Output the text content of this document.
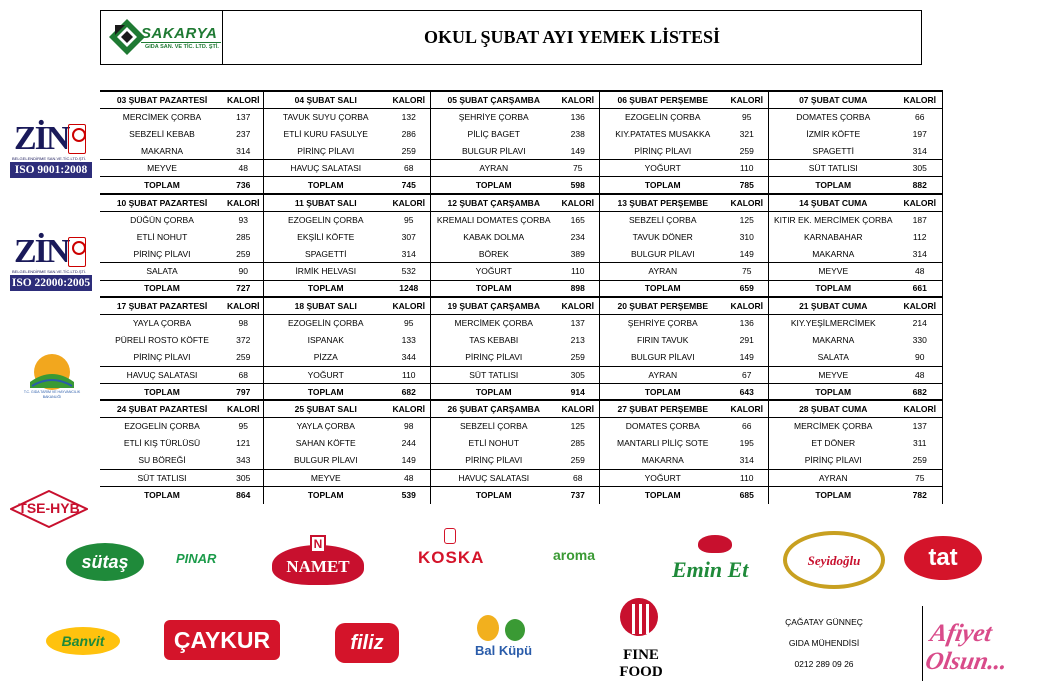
SAKARYA
GIDA SAN. VE TİC. LTD. ŞTİ.	OKUL ŞUBAT AYI YEMEK LİSTESİ
03 ŞUBAT PAZARTESİ	KALORİ	04 ŞUBAT SALI	KALORİ	05 ŞUBAT ÇARŞAMBA	KALORİ	06 ŞUBAT PERŞEMBE	KALORİ	07 ŞUBAT CUMA	KALORİ
MERCİMEK ÇORBA	137	TAVUK SUYU ÇORBA	132	ŞEHRİYE ÇORBA	136	EZOGELİN ÇORBA	95	DOMATES ÇORBA	66
SEBZELİ KEBAB	237	ETLİ KURU FASULYE	286	PİLİÇ BAGET	238	KIY.PATATES MUSAKKA	321	İZMİR KÖFTE	197
MAKARNA	314	PİRİNÇ PİLAVI	259	BULGUR PİLAVI	149	PİRİNÇ PİLAVI	259	SPAGETTİ	314
MEYVE	48	HAVUÇ SALATASI	68	AYRAN	75	YOĞURT	110	SÜT TATLISI	305
TOPLAM	736	TOPLAM	745	TOPLAM	598	TOPLAM	785	TOPLAM	882
10 ŞUBAT PAZARTESİ	KALORİ	11 ŞUBAT SALI	KALORİ	12 ŞUBAT ÇARŞAMBA	KALORİ	13 ŞUBAT PERŞEMBE	KALORİ	14 ŞUBAT CUMA	KALORİ
DÜĞÜN ÇORBA	93	EZOGELİN ÇORBA	95	KREMALI DOMATES ÇORBA	165	SEBZELİ ÇORBA	125	KITIR EK. MERCİMEK ÇORBA	187
ETLİ NOHUT	285	EKŞİLİ KÖFTE	307	KABAK DOLMA	234	TAVUK DÖNER	310	KARNABAHAR	112
PİRİNÇ PİLAVI	259	SPAGETTİ	314	BÖREK	389	BULGUR PİLAVI	149	MAKARNA	314
SALATA	90	İRMİK HELVASI	532	YOĞURT	110	AYRAN	75	MEYVE	48
TOPLAM	727	TOPLAM	1248	TOPLAM	898	TOPLAM	659	TOPLAM	661
17 ŞUBAT PAZARTESİ	KALORİ	18 ŞUBAT SALI	KALORİ	19 ŞUBAT ÇARŞAMBA	KALORİ	20 ŞUBAT PERŞEMBE	KALORİ	21 ŞUBAT CUMA	KALORİ
YAYLA ÇORBA	98	EZOGELİN ÇORBA	95	MERCİMEK ÇORBA	137	ŞEHRİYE ÇORBA	136	KIY.YEŞİLMERCİMEK	214
PÜRELİ ROSTO KÖFTE	372	ISPANAK	133	TAS KEBABI	213	FIRIN TAVUK	291	MAKARNA	330
PİRİNÇ PİLAVI	259	PİZZA	344	PİRİNÇ PİLAVI	259	BULGUR PİLAVI	149	SALATA	90
HAVUÇ SALATASI	68	YOĞURT	110	SÜT TATLISI	305	AYRAN	67	MEYVE	48
TOPLAM	797	TOPLAM	682	TOPLAM	914	TOPLAM	643	TOPLAM	682
24 ŞUBAT PAZARTESİ	KALORİ	25 ŞUBAT SALI	KALORİ	26 ŞUBAT ÇARŞAMBA	KALORİ	27 ŞUBAT PERŞEMBE	KALORİ	28 ŞUBAT CUMA	KALORİ
EZOGELİN ÇORBA	95	YAYLA ÇORBA	98	SEBZELİ ÇORBA	125	DOMATES ÇORBA	66	MERCİMEK ÇORBA	137
ETLİ KIŞ TÜRLÜSÜ	121	SAHAN KÖFTE	244	ETLİ NOHUT	285	MANTARLI PİLİÇ SOTE	195	ET DÖNER	311
SU BÖREĞİ	343	BULGUR PİLAVI	149	PİRİNÇ PİLAVI	259	MAKARNA	314	PİRİNÇ PİLAVI	259
SÜT TATLISI	305	MEYVE	48	HAVUÇ SALATASI	68	YOĞURT	110	AYRAN	75
TOPLAM	864	TOPLAM	539	TOPLAM	737	TOPLAM	685	TOPLAM	782
ZİN
BELGELENDİRME SAN.VE.TİC.LTD.ŞTİ.
ISO 9001:2008
ZİN
BELGELENDİRME SAN.VE.TİC.LTD.ŞTİ.
ISO 22000:2005
T.C. GIDA TARIM VE HAYVANCILIK BAKANLIĞI
TSE-HYB
sütaş	PINAR
N
NAMET	KOSKA	aroma
Emin Et	Seyidoğlu	tat
Banvit	ÇAYKUR	filiz	Bal Küpü	FINE FOOD
ÇAĞATAY GÜNNEÇ
GIDA MÜHENDİSİ
0212 289 09 26
Afiyet Olsun...
